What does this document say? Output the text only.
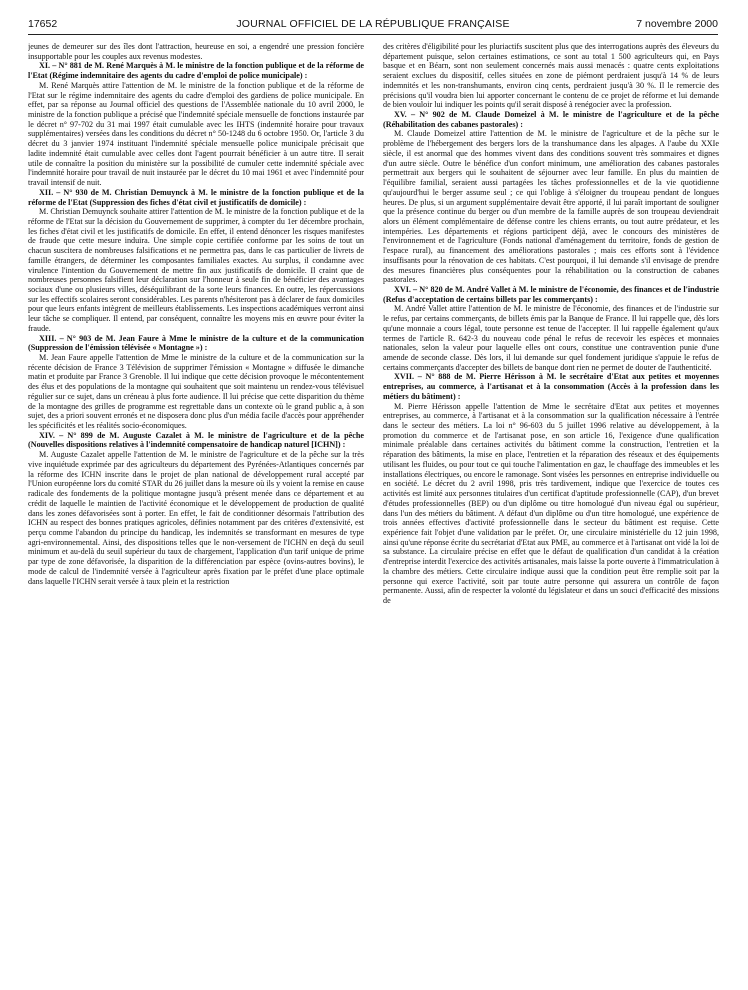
17652	JOURNAL OFFICIEL DE LA RÉPUBLIQUE FRANÇAISE	7 novembre 2000

jeunes de demeurer sur des îles dont l'attraction, heureuse en soi, a engendré une pression foncière insupportable pour les couples aux revenus modestes.

XI. – N° 881 de M. René Marquès à M. le ministre de la fonction publique et de la réforme de l'Etat (Régime indemnitaire des agents du cadre d'emploi de police municipale) :

M. René Marquès attire l'attention de M. le ministre de la fonction publique et de la réforme de l'Etat sur le régime indemnitaire des agents du cadre d'emploi des gardiens de police municipale. En effet, par sa réponse au Journal officiel des questions de l'Assemblée nationale du 10 avril 2000, le ministre de la fonction publique a précisé que l'indemnité spéciale mensuelle de fonctions instaurée par le décret n° 97-702 du 31 mai 1997 était cumulable avec les IHTS (indemnité horaire pour travaux supplémentaires) versées dans les conditions du décret n° 50-1248 du 6 octobre 1950. Or, l'article 3 du décret du 3 janvier 1974 instituant l'indemnité spéciale mensuelle police municipale précisait que ladite indemnité était cumulable avec celles dont l'agent pourrait bénéficier à un autre titre. Il serait utile de connaître la position du ministère sur la possibilité de cumuler cette indemnité spéciale avec l'indemnité horaire pour travail de nuit instaurée par le décret du 10 mai 1961 et avec l'indemnité pour travail intensif de nuit.

XII. – N° 930 de M. Christian Demuynck à M. le ministre de la fonction publique et de la réforme de l'Etat (Suppression des fiches d'état civil et justificatifs de domicile) :

M. Christian Demuynck souhaite attirer l'attention de M. le ministre de la fonction publique et de la réforme de l'Etat sur la décision du Gouvernement de supprimer, à compter du 1er décembre prochain, les fiches d'état civil et les justificatifs de domicile. En effet, il entend dénoncer les risques manifestes de fraude que cette mesure induira. Une simple copie certifiée conforme par les soins de tout un chacun susciterа de nombreuses falsifications et ne permettra pas, dans le cas particulier de livrets de famille étrangers, de déterminer les composantes familiales exactes. Au surplus, il condamne avec virulence l'intention du Gouvernement de mettre fin aux justificatifs de domicile. Il craint que de nombreuses personnes falsifient leur déclaration sur l'honneur à seule fin de bénéficier des avantages sociaux d'une ou plusieurs villes, déséquilibrant de la sorte leurs finances. En outre, les répercussions sur les effectifs scolaires seront considérables. Les parents n'hésiteront pas à déclarer de faux domiciles pour que leurs enfants intègrent de meilleurs établissements. Les inspections académiques verront ainsi leur tâche se compliquer. Il entend, par conséquent, connaître les moyens mis en œuvre pour éviter la fraude.

XIII. – N° 903 de M. Jean Faure à Mme le ministre de la culture et de la communication (Suppression de l'émission télévisée « Montagne ») :

M. Jean Faure appelle l'attention de Mme le ministre de la culture et de la communication sur la récente décision de France 3 Télévision de supprimer l'émission « Montagne » diffusée le dimanche matin et produite par France 3 Grenoble. Il lui indique que cette décision provoque le mécontentement des élus et des populations de la montagne qui souhaitent que soit maintenu un rendez-vous télévisuel régulier sur ce sujet, dans un créneau à plus forte audience. Il lui précise que cette disparition du thème de la montagne des grilles de programme est regrettable dans un contexte où le grand public a, à son sujet, des a priori souvent erronés et ne disposera donc plus d'un média facile d'accès pour appréhender les spécificités et les réalités socio-économiques.

XIV. – N° 899 de M. Auguste Cazalet à M. le ministre de l'agriculture et de la pêche (Nouvelles dispositions relatives à l'indemnité compensatoire de handicap naturel [ICHN]) :

M. Auguste Cazalet appelle l'attention de M. le ministre de l'agriculture et de la pêche sur la très vive inquiétude exprimée par des agriculteurs du département des Pyrénées-Atlantiques concernés par la réforme des ICHN inscrite dans le projet de plan national de développement rural accepté par l'Union européenne lors du comité STAR du 26 juillet dans la mesure où ils y voient la remise en cause radicale des fondements de la politique montagne jusqu'à présent menée dans ce département et au crédit de laquelle le maintien de l'activité économique et le développement de production de qualité dans les zones défavorisées sont à porter. En effet, le fait de conditionner désormais l'attribution des ICHN au respect des bonnes pratiques agricoles, définies notamment par des critères d'extensivité, est perçu comme l'abandon du principe du handicap, les indemnités se transformant en mesures de type agri-environnemental. Ainsi, des dispositions telles que le non-versement de l'ICHN en deçà du seuil minimum et au-delà du seuil supérieur du taux de chargement, l'application d'un tarif unique de prime par type de zone défavorisée, la disparition de la différenciation par espèce (ovins-autres bovins), le mode de calcul de l'indemnité versée à l'agriculteur après fixation par le préfet d'une place optimale dans laquelle l'ICHN serait versée à taux plein et la restriction

des critères d'éligibilité pour les pluriactifs suscitent plus que des interrogations auprès des éleveurs du département puisque, selon certaines estimations, ce sont au total 1 500 agriculteurs qui, en Pays basque et en Béarn, sont non seulement concernés mais aussi menacés : quatre cents exploitations seraient exclues du dispositif, celles situées en zone de piémont perdraient jusqu'à 14 % de leurs indemnités et les non-transhumants, environ cinq cents, perdraient jusqu'à 30 %. Il le remercie des précisions qu'il voudra bien lui apporter concernant le contenu de ce projet de réforme et lui demande de bien vouloir lui indiquer les points qu'il serait disposé à renégocier avec la profession.

XV. – N° 902 de M. Claude Domeizel à M. le ministre de l'agriculture et de la pêche (Réhabilitation des cabanes pastorales) :

M. Claude Domeizel attire l'attention de M. le ministre de l'agriculture et de la pêche sur le problème de l'hébergement des bergers lors de la transhumance dans les alpages. A l'aube du XXIe siècle, il est anormal que des hommes vivent dans des conditions souvent très sommaires et dignes d'un autre siècle. Outre le bénéfice d'un confort minimum, une amélioration des cabanes pastorales permettrait aux bergers qui le souhaitent de séjourner avec leur famille. En plus du maintien de l'équilibre familial, seraient aussi partagées les tâches professionnelles et de la vie quotidienne qu'aujourd'hui le berger assume seul ; ce qui l'oblige à s'éloigner du troupeau pendant de longues heures. De plus, si un argument supplémentaire devait être apporté, il lui paraît important de souligner que la présence continue du berger ou d'un membre de la famille auprès de son troupeau deviendrait alors un élément complémentaire de défense contre les chiens errants, ou tout autre prédateur, et les intempéries. Les départements et régions participent déjà, avec le concours des ministères de l'environnement et de l'agriculture (Fonds national d'aménagement du territoire, fonds de gestion de l'espace rural), au financement des améliorations pastorales ; mais ces efforts sont à l'évidence insuffisants pour la rénovation de ces habitats. C'est pourquoi, il lui demande s'il envisage de prendre des mesures financières plus conséquentes pour la réhabilitation ou la construction de cabanes pastorales.

XVI. – N° 820 de M. André Vallet à M. le ministre de l'économie, des finances et de l'industrie (Refus d'acceptation de certains billets par les commerçants) :

M. André Vallet attire l'attention de M. le ministre de l'économie, des finances et de l'industrie sur le refus, par certains commerçants, de billets émis par la Banque de France. Il lui rappelle que, dès lors qu'une monnaie a cours légal, toute personne est tenue de l'accepter. Il lui rappelle également qu'aux termes de l'article R. 642-3 du nouveau code pénal le refus de recevoir les espèces et monnaies nationales, selon la valeur pour laquelle elles ont cours, constitue une contravention punie d'une amende de seconde classe. Dès lors, il lui demande sur quel fondement juridique s'appuie le refus de certains commerçants d'accepter des billets de banque dont rien ne permet de douter de l'authenticité.

XVII. – N° 888 de M. Pierre Hérisson à M. le secrétaire d'Etat aux petites et moyennes entreprises, au commerce, à l'artisanat et à la consommation (Accès à la profession dans les métiers du bâtiment) :

M. Pierre Hérisson appelle l'attention de Mme le secrétaire d'Etat aux petites et moyennes entreprises, au commerce, à l'artisanat et à la consommation sur la qualification nécessaire à l'entrée dans le secteur des métiers. La loi n° 96-603 du 5 juillet 1996 relative au développement, à la promotion du commerce et de l'artisanat pose, en son article 16, l'exigence d'une qualification minimale préalable dans certaines activités du bâtiment comme la construction, l'entretien et la réparation des bâtiments, la mise en place, l'entretien et la réparation des réseaux et des équipements utilisant les fluides, ou pour tout ce qui touche l'alimentation en gaz, le chauffage des immeubles et les installations électriques, ou encore le ramonage. Sont visées les personnes en entreprise individuelle ou en société. Le décret du 2 avril 1998, pris très tardivement, indique que l'exercice de toutes ces activités est limité aux personnes titulaires d'un certificat d'aptitude professionnelle (CAP), d'un brevet d'études professionnelles (BEP) ou d'un diplôme ou titre homologué d'un niveau égal ou supérieur, dans l'un des métiers du bâtiment. A défaut d'un diplôme ou d'un titre homologué, une expérience de trois années effectives d'activité professionnelle dans le secteur du bâtiment est requise. Cette expérience fait l'objet d'une validation par le préfet. Or, une circulaire ministérielle du 12 juin 1998, ainsi qu'une réponse écrite du secrétariat d'Etat aux PME, au commerce et à l'artisanat ont vidé la loi de sa substance. La circulaire précise en effet que le défaut de qualification d'un candidat à la création d'entreprise interdit l'exercice des activités artisanales, mais laisse la porte ouverte à l'immatriculation à la chambre des métiers. Cette circulaire indique aussi que la condition peut être remplie soit par la personne qui exerce l'activité, soit par toute autre personne qui assurera un contrôle de façon permanente. Aussi, afin de respecter la volonté du législateur et dans un souci d'efficacité des missions de
